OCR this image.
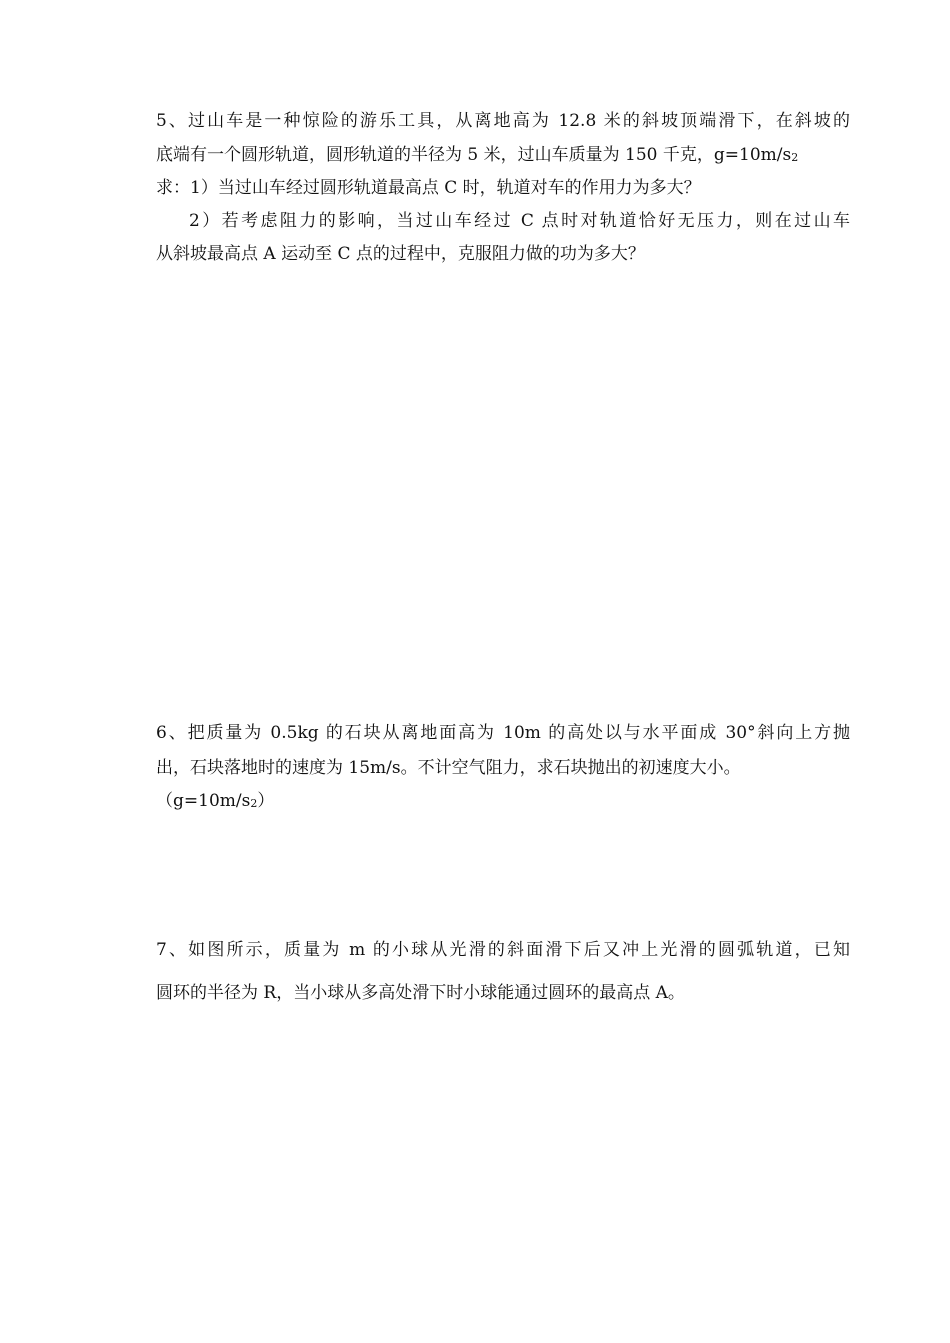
5、过山车是一种惊险的游乐工具，从离地高为 12.8 米的斜坡顶端滑下，在斜坡的
底端有一个圆形轨道，圆形轨道的半径为 5 米，过山车质量为 150 千克，g=10m/s2
求：1）当过山车经过圆形轨道最高点 C 时，轨道对车的作用力为多大？
2）若考虑阻力的影响，当过山车经过 C 点时对轨道恰好无压力，则在过山车
从斜坡最高点 A 运动至 C 点的过程中，克服阻力做的功为多大？
6、把质量为 0.5kg 的石块从离地面高为 10m 的高处以与水平面成 30°斜向上方抛
出，石块落地时的速度为 15m/s。不计空气阻力，求石块抛出的初速度大小。
（g=10m/s2）
7、如图所示，质量为 m 的小球从光滑的斜面滑下后又冲上光滑的圆弧轨道，已知
圆环的半径为 R，当小球从多高处滑下时小球能通过圆环的最高点 A。
